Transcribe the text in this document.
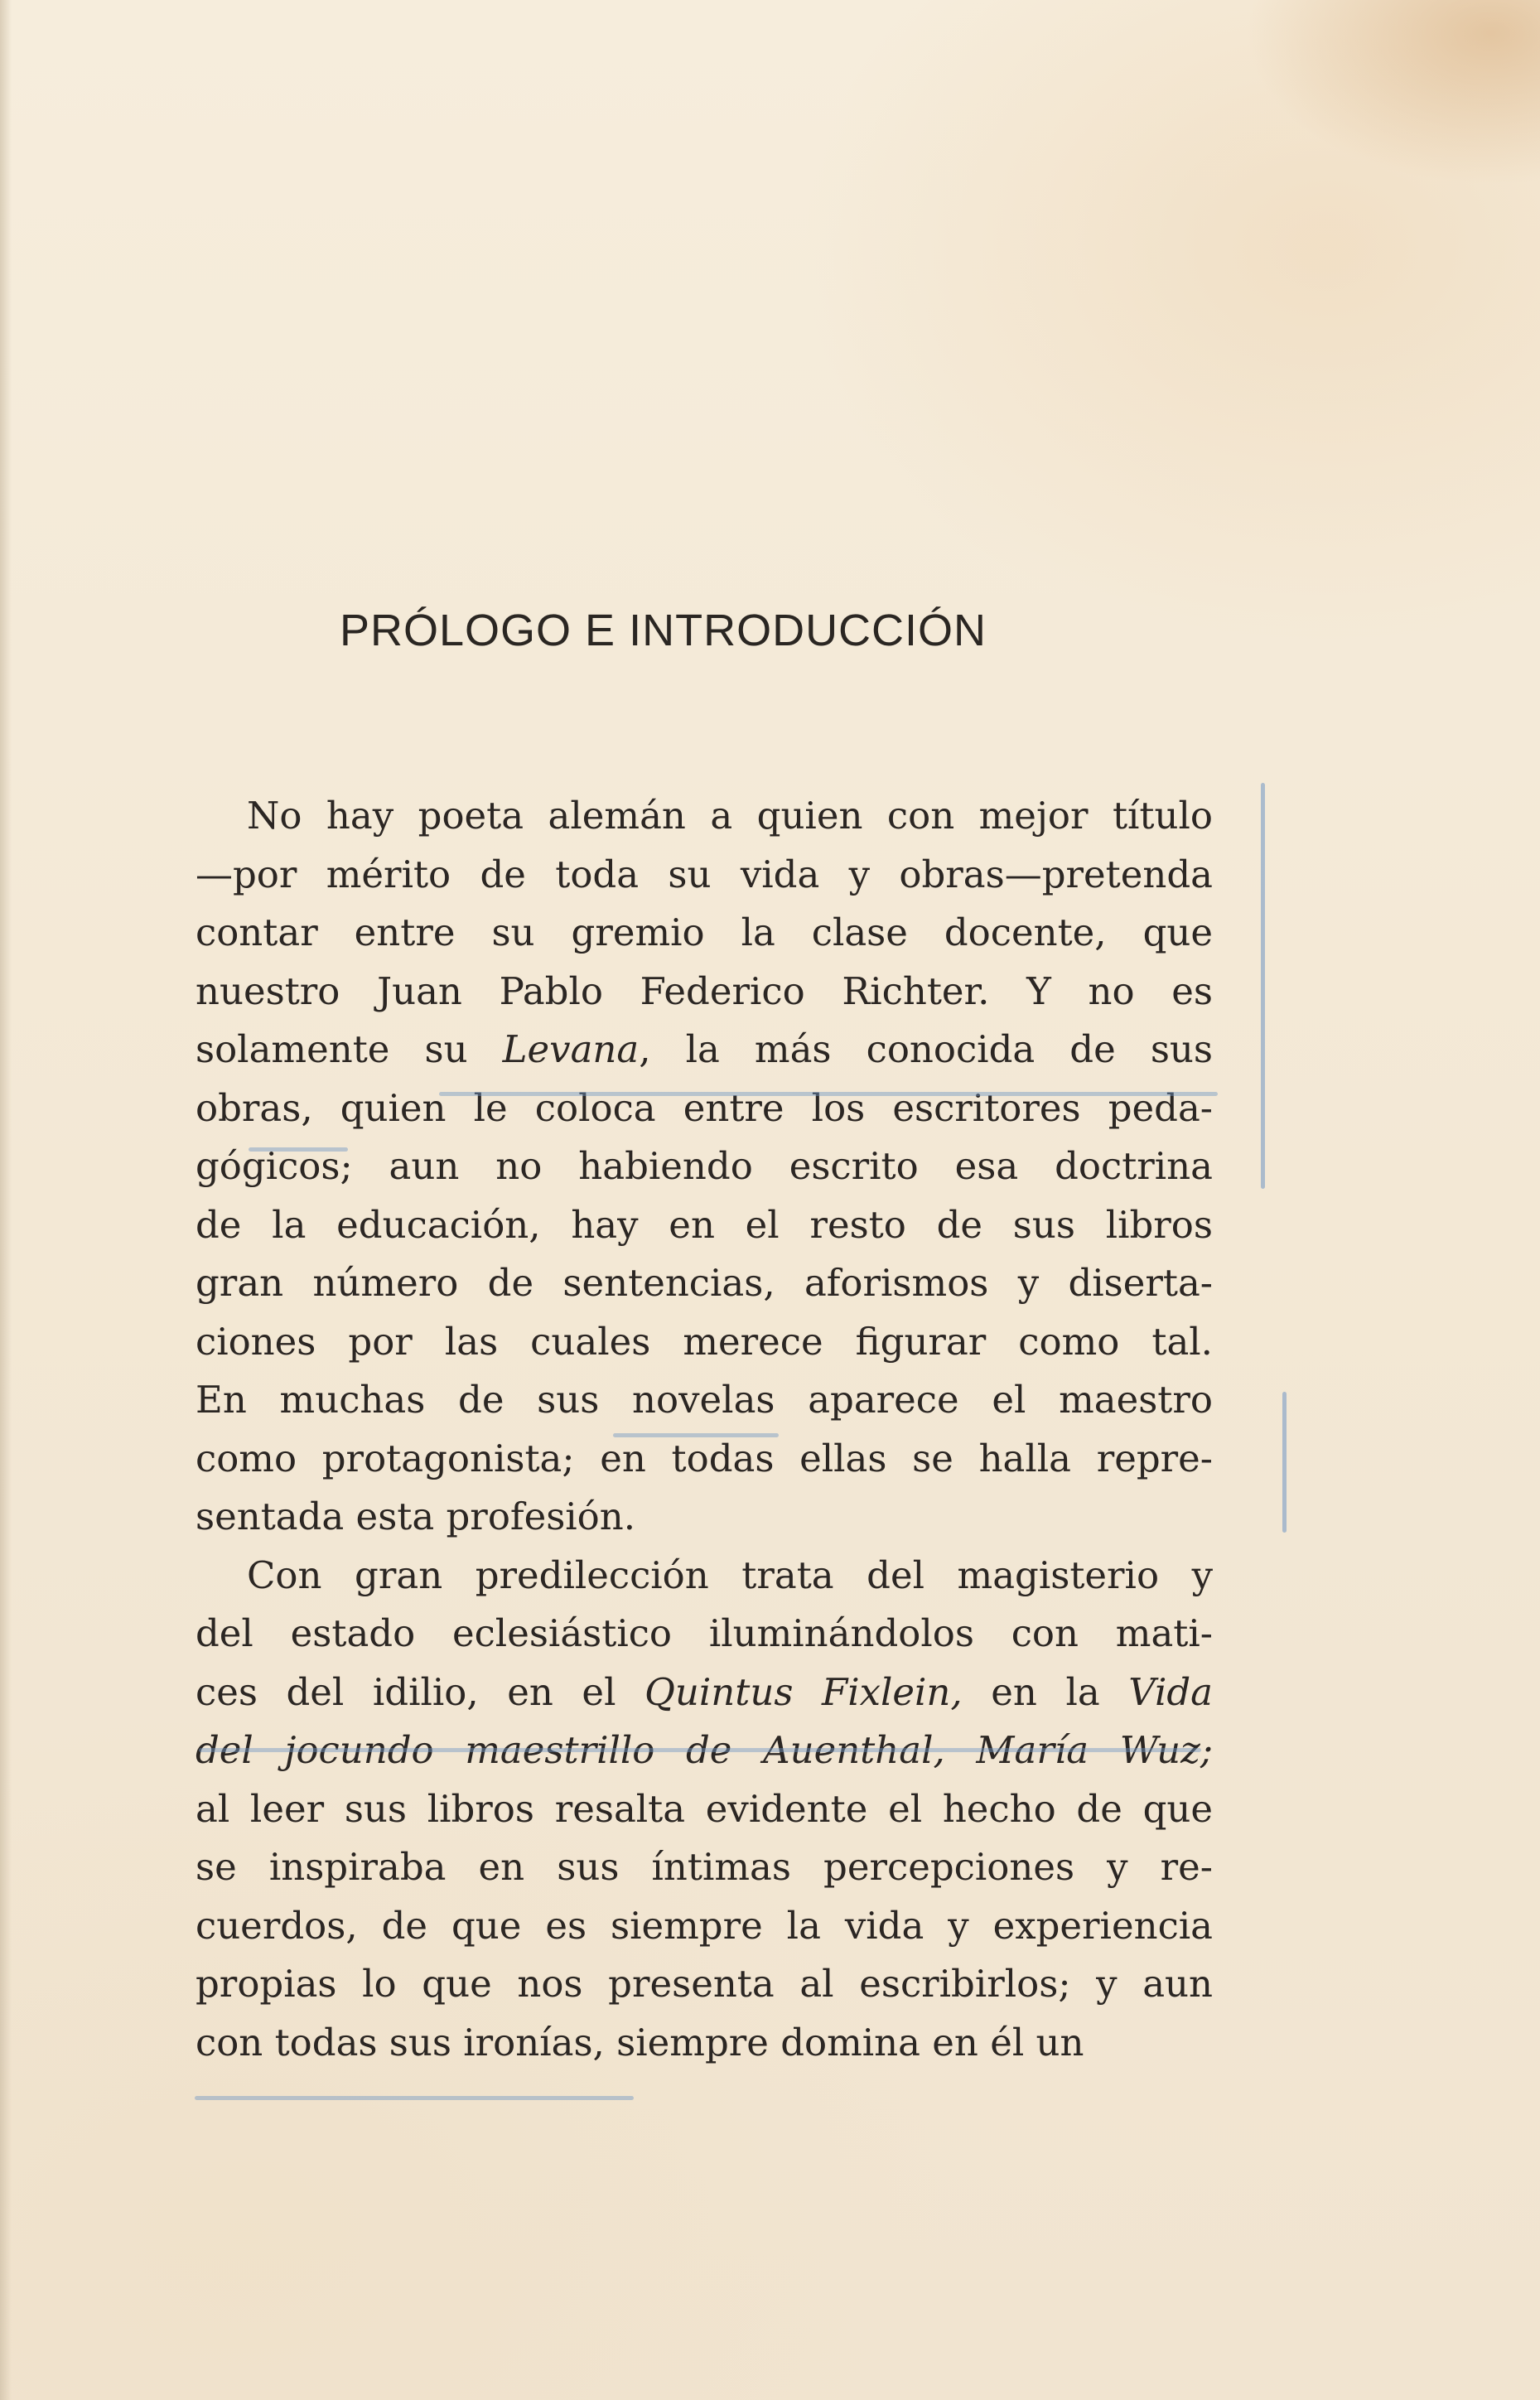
PRÓLOGO E INTRODUCCIÓN
No hay poeta alemán a quien con mejor título
—por mérito de toda su vida y obras—pretenda
contar entre su gremio la clase docente, que
nuestro Juan Pablo Federico Richter. Y no es
solamente su Levana, la más conocida de sus
obras, quien le coloca entre los escritores peda-
gógicos; aun no habiendo escrito esa doctrina
de la educación, hay en el resto de sus libros
gran número de sentencias, aforismos y diserta-
ciones por las cuales merece figurar como tal.
En muchas de sus novelas aparece el maestro
como protagonista; en todas ellas se halla repre-
sentada esta profesión.
Con gran predilección trata del magisterio y
del estado eclesiástico iluminándolos con mati-
ces del idilio, en el Quintus Fixlein, en la Vida
del jocundo maestrillo de Auenthal, María Wuz;
al leer sus libros resalta evidente el hecho de que
se inspiraba en sus íntimas percepciones y re-
cuerdos, de que es siempre la vida y experiencia
propias lo que nos presenta al escribirlos; y aun
con todas sus ironías, siempre domina en él un
